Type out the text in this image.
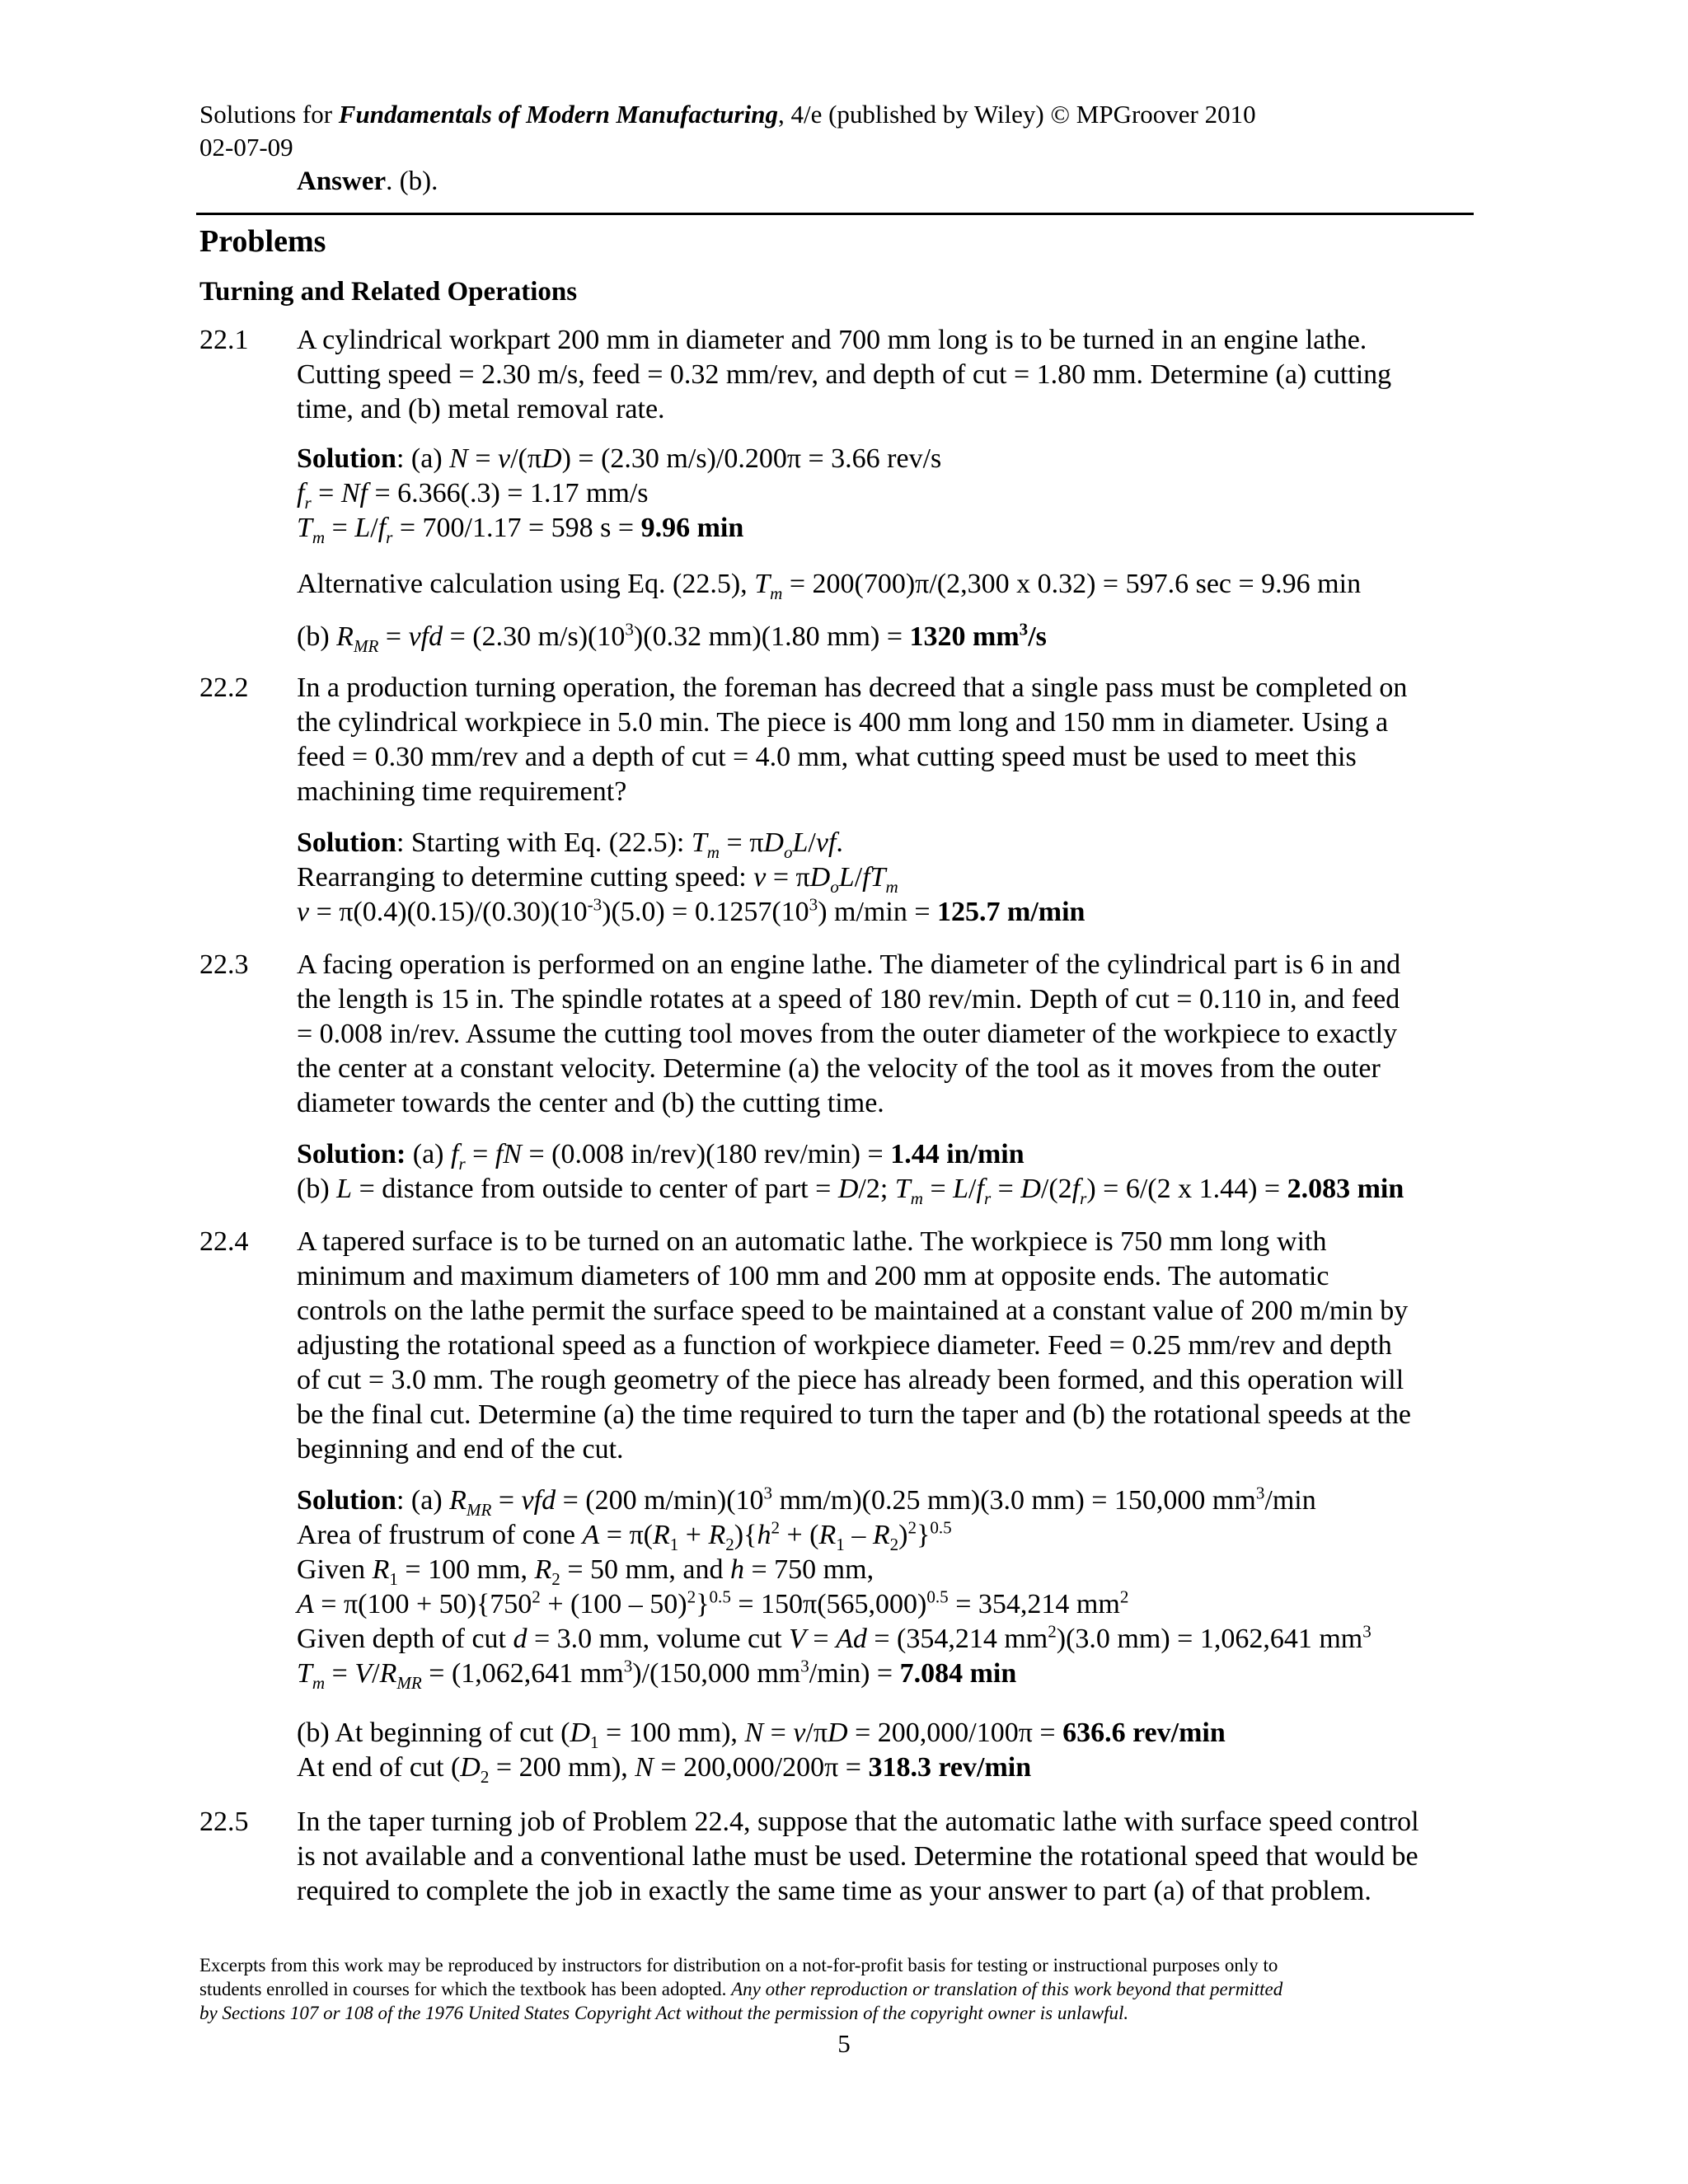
Solutions for Fundamentals of Modern Manufacturing, 4/e (published by Wiley) © MPGroover 2010
02-07-09
Answer. (b).
Problems
Turning and Related Operations
22.1 A cylindrical workpart 200 mm in diameter and 700 mm long is to be turned in an engine lathe.
Cutting speed = 2.30 m/s, feed = 0.32 mm/rev, and depth of cut = 1.80 mm. Determine (a) cutting
time, and (b) metal removal rate.
Solution: (a) N = v/(πD) = (2.30 m/s)/0.200π = 3.66 rev/s
$f_r = Nf = 6.366(.3) = 1.17$ mm/s
$T_m = L/f_r = 700/1.17 = 598$ s = 9.96 min
Alternative calculation using Eq. (22.5), $T_m = 200(700)\pi/(2,300$ x 0.32) = 597.6 sec = 9.96 min
(b) $R_{MR}$ = vfd = (2.30 $m/s)(10^3)(0.32$ mm)(1.80 mm) = 1320 $mm^3/s$
22.2 In a production turning operation, the foreman has decreed that a single pass must be completed on
the cylindrical workpiece in 5.0 min. The piece is 400 mm long and 150 mm in diameter. Using a
feed = 0.30 mm/rev and a depth of cut = 4.0 mm, what cutting speed must be used to meet this
machining time requirement?
Solution: Starting with Eq. (22.5): $T_m = \pi D_oL/vf$.
Rearranging to determine cutting speed: $v = \pi D_oL/fT_m$
$v = \pi(0.4)(0.15)/(0.30)(10^{-3})(5.0) = 0.1257(10^3) m/\min = 125.7$ m/min
22.3 A facing operation is performed on an engine lathe. The diameter of the cylindrical part is 6 in and
the length is 15 in. The spindle rotates at a speed of 180 rev/min. Depth of cut = 0.110 in, and feed
= 0.008 in/rev. Assume the cutting tool moves from the outer diameter of the workpiece to exactly
the center at a constant velocity. Determine (a) the velocity of the tool as it moves from the outer
diameter towards the center and (b) the cutting time.
Solution: (a) $f_r$ = fN = (0.008 in/rev)(180 rev/min) = 1.44 in/min
(b) L = distance from outside to center of part = D/2; $T_m = L/f_r = D/(2f_r) = 6/(2$ x 1.44) = 2.083 min
22.4 A tapered surface is to be turned on an automatic lathe. The workpiece is 750 mm long with
minimum and maximum diameters of 100 mm and 200 mm at opposite ends. The automatic
controls on the lathe permit the surface speed to be maintained at a constant value of 200 m/min by
adjusting the rotational speed as a function of workpiece diameter. Feed = 0.25 mm/rev and depth
of cut = 3.0 mm. The rough geometry of the piece has already been formed, and this operation will
be the final cut. Determine (a) the time required to turn the taper and (b) the rotational speeds at the
beginning and end of the cut.
Solution: (a) $R_{MR}$ = vfd = (200 $m/\min)(10^3$ mm/m)(0.25 mm)(3.0 mm) = 150,000 $mm^3/\min$
Area of frustrum of cone $A = \pi(R_1 + R_2)\{h^2 + (R_1 - R_2)^2\}^{0.5}$
Given $R_1 = 100$ mm, $R_2 = 50$ mm, and h = 750 mm,
$A = \pi(100 + 50)\{750^2 + (100 - 50)^2\}^{0.5} = 150\pi(565,000)^{0.5} = 354,214$ $mm^2$
Given depth of cut d = 3.0 mm, volume cut V = Ad = (354,214 $mm^2)(3.0$ mm) = 1,062,641 $mm^3$
$T_m = V/R_{MR} = (1,062,641$ $mm^3)/(150,000$ $mm^3/\min) = 7.084$ min
(b) At beginning of cut ($D_1 = 100$ mm), N = v/πD = 200,000/100π = 636.6 rev/min
At end of cut ($D_2 = 200$ mm), N = 200,000/200π = 318.3 rev/min
22.5 In the taper turning job of Problem 22.4, suppose that the automatic lathe with surface speed control
is not available and a conventional lathe must be used. Determine the rotational speed that would be
required to complete the job in exactly the same time as your answer to part (a) of that problem.
Excerpts from this work may be reproduced by instructors for distribution on a not-for-profit basis for testing or instructional purposes only to
students enrolled in courses for which the textbook has been adopted. Any other reproduction or translation of this work beyond that permitted
by Sections 107 or 108 of the 1976 United States Copyright Act without the permission of the copyright owner is unlawful.
5
